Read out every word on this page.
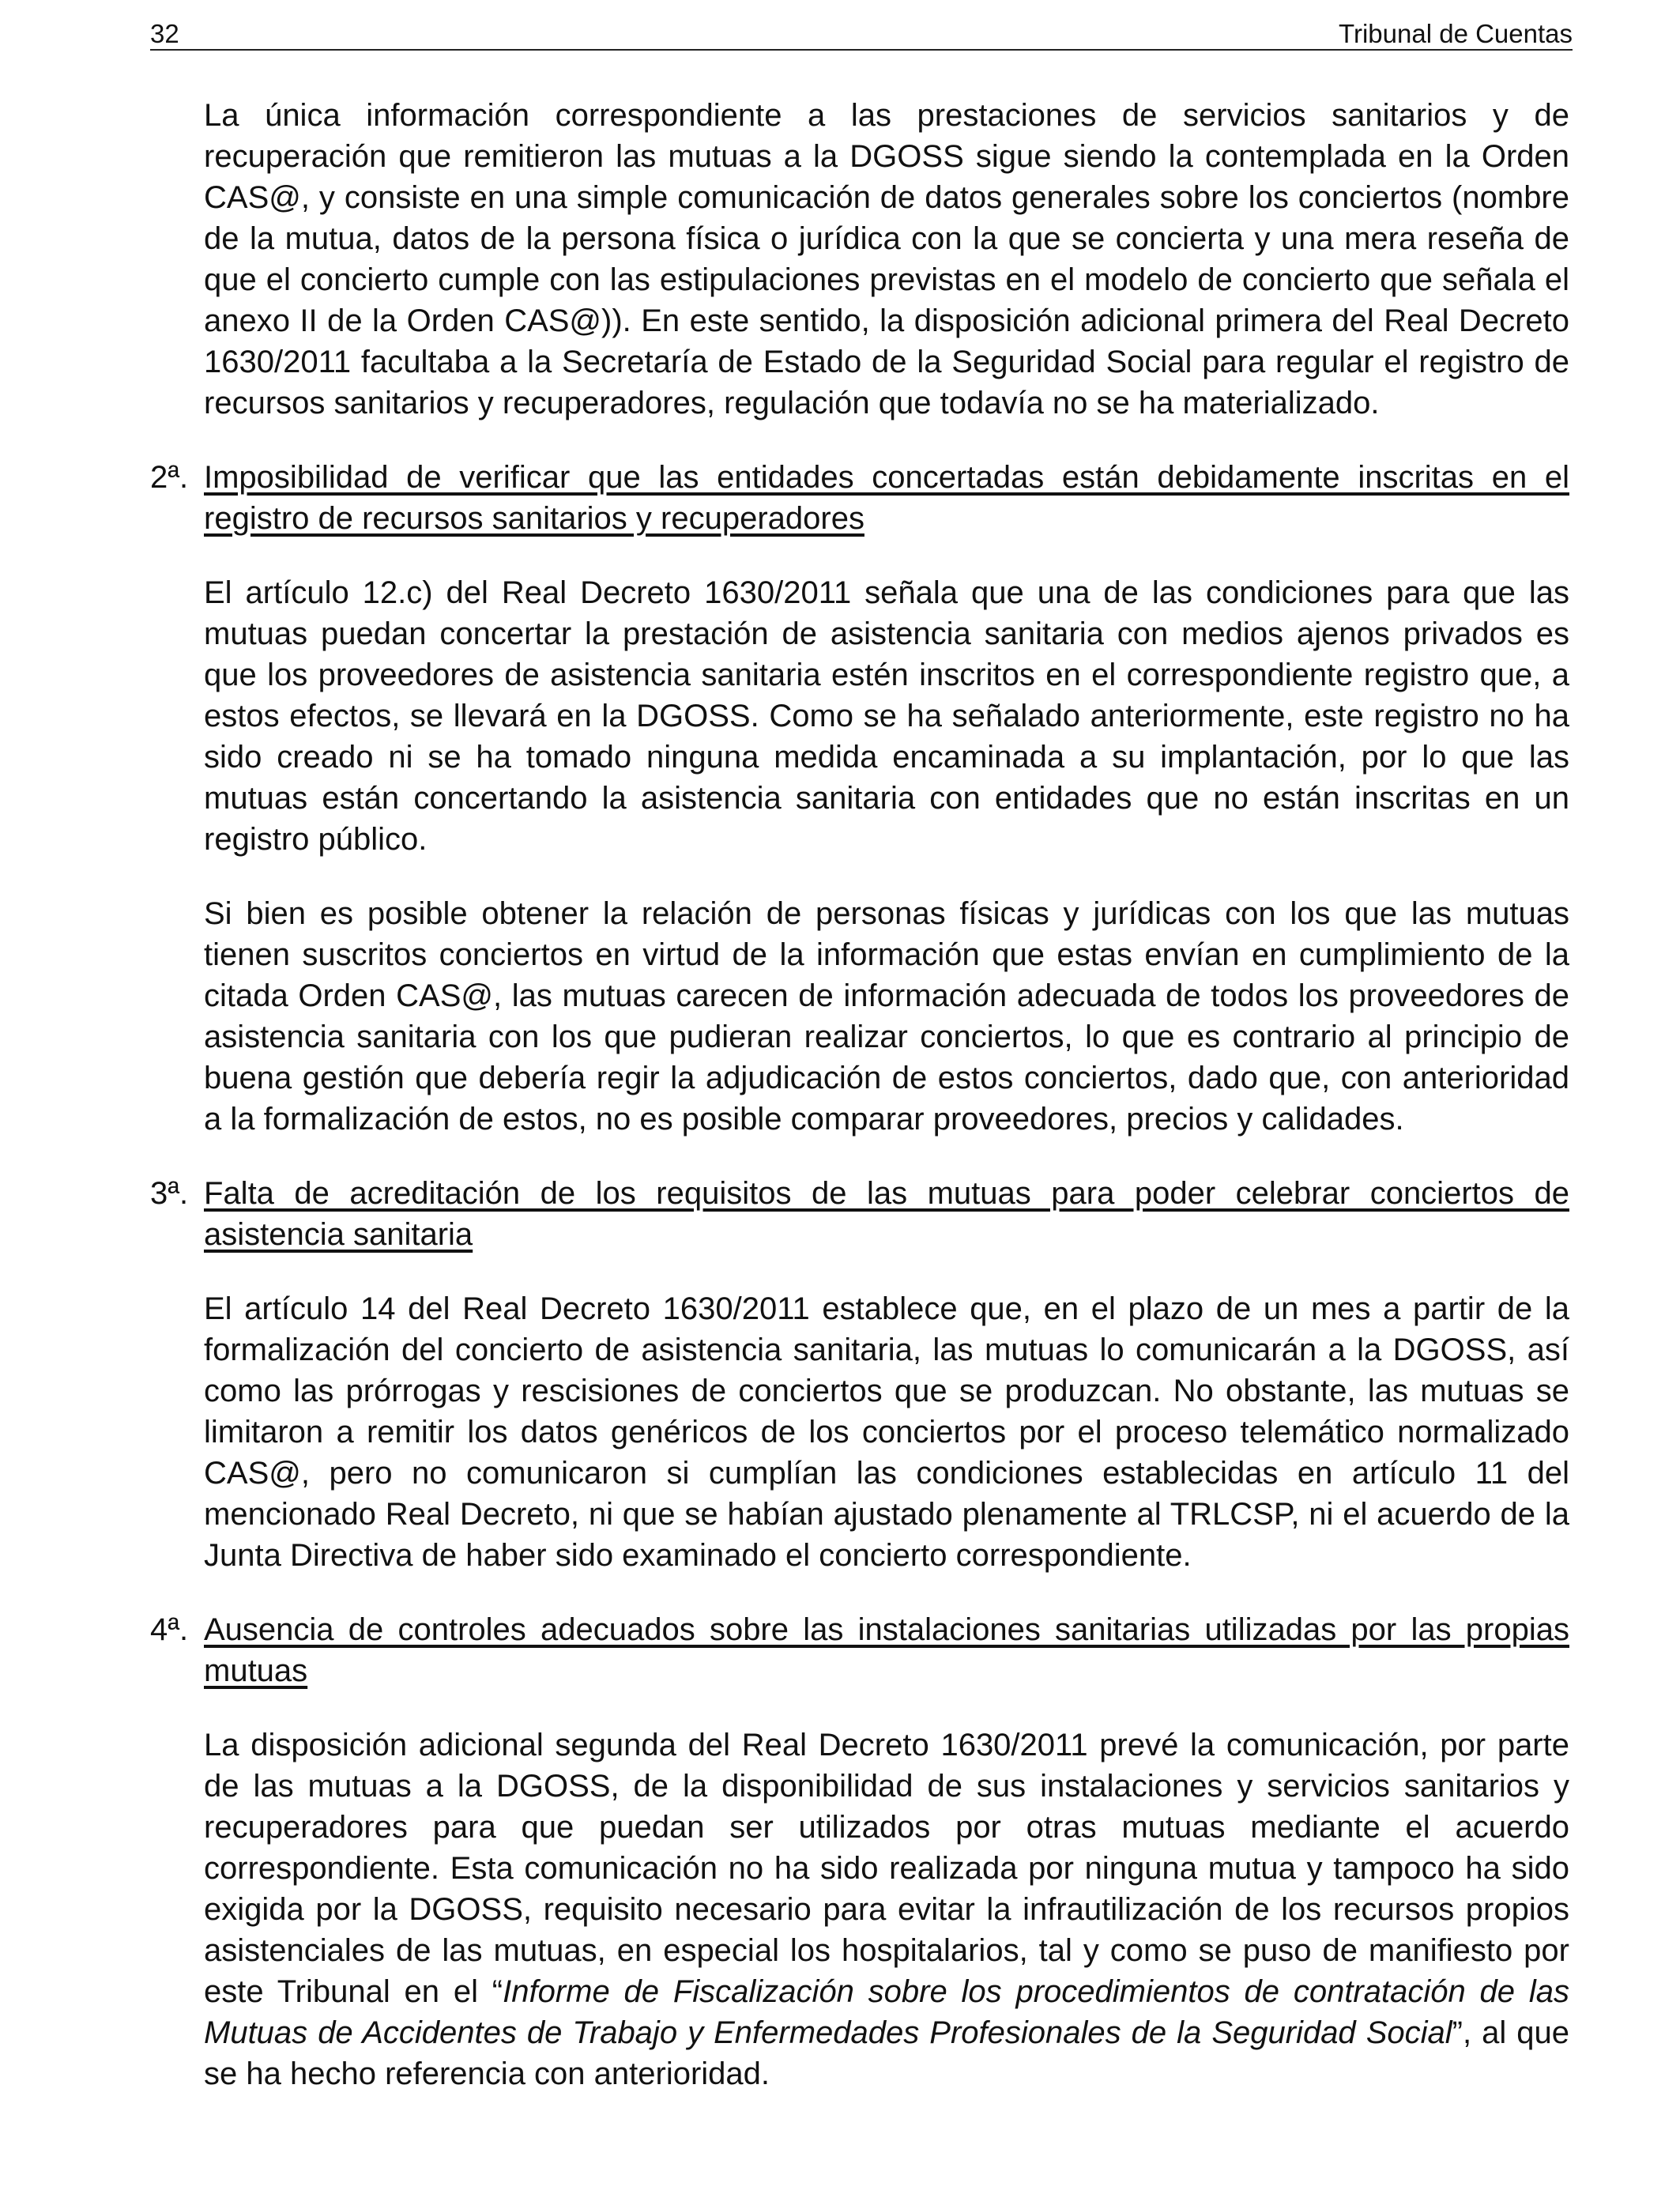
32	Tribunal de Cuentas

La única información correspondiente a las prestaciones de servicios sanitarios y de recuperación que remitieron las mutuas a la DGOSS sigue siendo la contemplada en la Orden CAS@, y consiste en una simple comunicación de datos generales sobre los conciertos (nombre de la mutua, datos de la persona física o jurídica con la que se concierta y una mera reseña de que el concierto cumple con las estipulaciones previstas en el modelo de concierto que señala el anexo II de la Orden CAS@)). En este sentido, la disposición adicional primera del Real Decreto 1630/2011 facultaba a la Secretaría de Estado de la Seguridad Social para regular el registro de recursos sanitarios y recuperadores, regulación que todavía no se ha materializado.

2ª. Imposibilidad de verificar que las entidades concertadas están debidamente inscritas en el registro de recursos sanitarios y recuperadores

El artículo 12.c) del Real Decreto 1630/2011 señala que una de las condiciones para que las mutuas puedan concertar la prestación de asistencia sanitaria con medios ajenos privados es que los proveedores de asistencia sanitaria estén inscritos en el correspondiente registro que, a estos efectos, se llevará en la DGOSS. Como se ha señalado anteriormente, este registro no ha sido creado ni se ha tomado ninguna medida encaminada a su implantación, por lo que las mutuas están concertando la asistencia sanitaria con entidades que no están inscritas en un registro público.

Si bien es posible obtener la relación de personas físicas y jurídicas con los que las mutuas tienen suscritos conciertos en virtud de la información que estas envían en cumplimiento de la citada Orden CAS@, las mutuas carecen de información adecuada de todos los proveedores de asistencia sanitaria con los que pudieran realizar conciertos, lo que es contrario al principio de buena gestión que debería regir la adjudicación de estos conciertos, dado que, con anterioridad a la formalización de estos, no es posible comparar proveedores, precios y calidades.

3ª. Falta de acreditación de los requisitos de las mutuas para poder celebrar conciertos de asistencia sanitaria

El artículo 14 del Real Decreto 1630/2011 establece que, en el plazo de un mes a partir de la formalización del concierto de asistencia sanitaria, las mutuas lo comunicarán a la DGOSS, así como las prórrogas y rescisiones de conciertos que se produzcan. No obstante, las mutuas se limitaron a remitir los datos genéricos de los conciertos por el proceso telemático normalizado CAS@, pero no comunicaron si cumplían las condiciones establecidas en artículo 11 del mencionado Real Decreto, ni que se habían ajustado plenamente al TRLCSP, ni el acuerdo de la Junta Directiva de haber sido examinado el concierto correspondiente.

4ª. Ausencia de controles adecuados sobre las instalaciones sanitarias utilizadas por las propias mutuas

La disposición adicional segunda del Real Decreto 1630/2011 prevé la comunicación, por parte de las mutuas a la DGOSS, de la disponibilidad de sus instalaciones y servicios sanitarios y recuperadores para que puedan ser utilizados por otras mutuas mediante el acuerdo correspondiente. Esta comunicación no ha sido realizada por ninguna mutua y tampoco ha sido exigida por la DGOSS, requisito necesario para evitar la infrautilización de los recursos propios asistenciales de las mutuas, en especial los hospitalarios, tal y como se puso de manifiesto por este Tribunal en el “Informe de Fiscalización sobre los procedimientos de contratación de las Mutuas de Accidentes de Trabajo y Enfermedades Profesionales de la Seguridad Social”, al que se ha hecho referencia con anterioridad.
